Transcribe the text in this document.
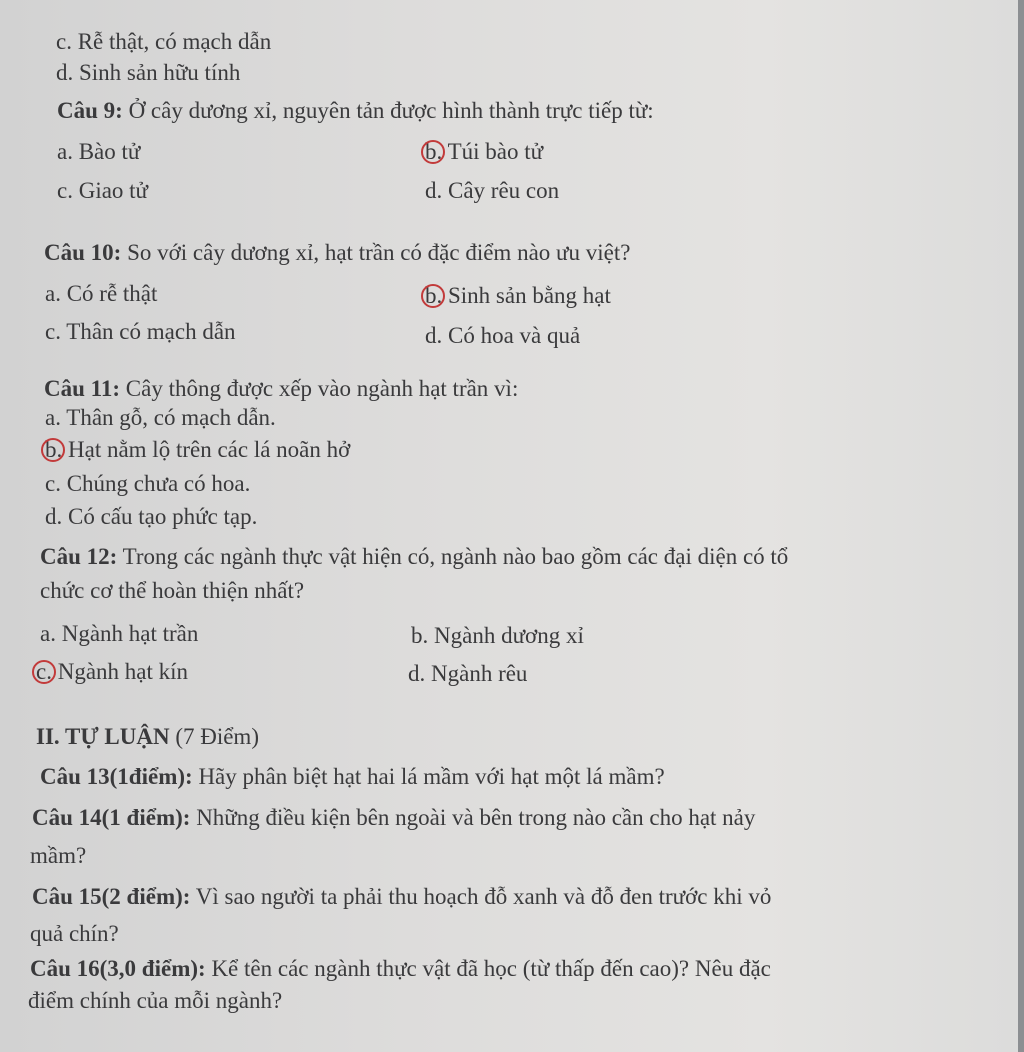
c. Rễ thật, có mạch dẫn
d. Sinh sản hữu tính
Câu 9: Ở cây dương xỉ, nguyên tản được hình thành trực tiếp từ:
a. Bào tử	b. Túi bào tử
c. Giao tử	d. Cây rêu con
Câu 10: So với cây dương xỉ, hạt trần có đặc điểm nào ưu việt?
a. Có rễ thật	b. Sinh sản bằng hạt
c. Thân có mạch dẫn	d. Có hoa và quả
Câu 11: Cây thông được xếp vào ngành hạt trần vì:
a. Thân gỗ, có mạch dẫn.
b. Hạt nằm lộ trên các lá noãn hở
c. Chúng chưa có hoa.
d. Có cấu tạo phức tạp.
Câu 12: Trong các ngành thực vật hiện có, ngành nào bao gồm các đại diện có tổ
chức cơ thể hoàn thiện nhất?
a. Ngành hạt trần	b. Ngành dương xỉ
c. Ngành hạt kín	d. Ngành rêu
II. TỰ LUẬN (7 Điểm)
Câu 13(1điểm): Hãy phân biệt hạt hai lá mầm với hạt một lá mầm?
Câu 14(1 điểm): Những điều kiện bên ngoài và bên trong nào cần cho hạt nảy
mầm?
Câu 15(2 điểm): Vì sao người ta phải thu hoạch đỗ xanh và đỗ đen trước khi vỏ
quả chín?
Câu 16(3,0 điểm): Kể tên các ngành thực vật đã học (từ thấp đến cao)? Nêu đặc
điểm chính của mỗi ngành?
